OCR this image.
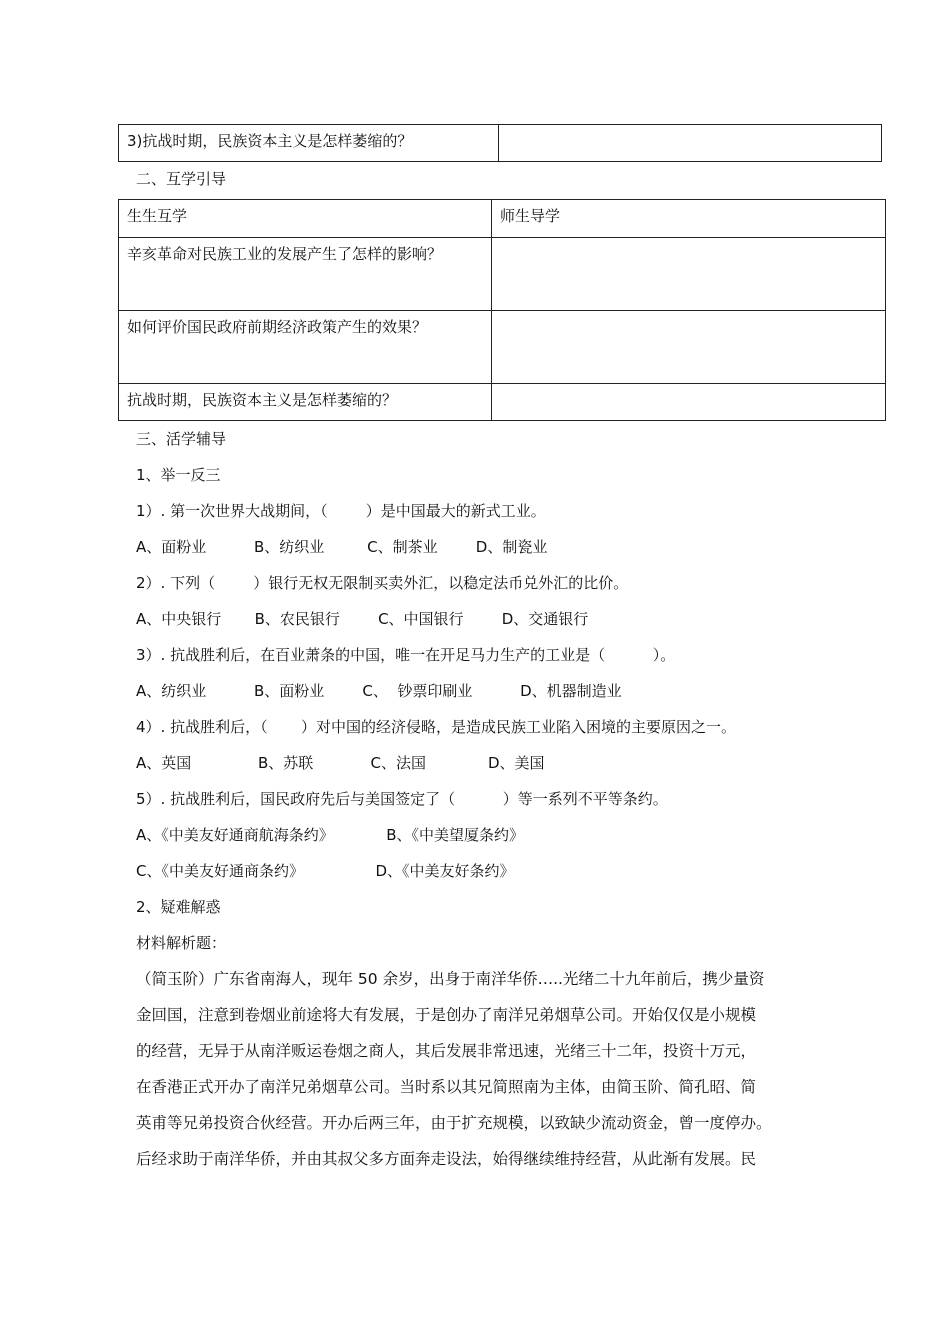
3)抗战时期，民族资本主义是怎样萎缩的？	
二、互学引导
生生互学	师生导学
辛亥革命对民族工业的发展产生了怎样的影响？	
如何评价国民政府前期经济政策产生的效果？	
抗战时期，民族资本主义是怎样萎缩的？	
三、活学辅导
1、举一反三
1）. 第一次世界大战期间，（        ）是中国最大的新式工业。
A、面粉业          B、纺织业         C、制茶业        D、制瓷业
2）. 下列（        ）银行无权无限制买卖外汇，以稳定法币兑外汇的比价。
A、中央银行       B、农民银行        C、中国银行        D、交通银行
3）. 抗战胜利后，在百业萧条的中国，唯一在开足马力生产的工业是（          ）。
A、纺织业          B、面粉业        C、  钞票印刷业          D、机器制造业
4）. 抗战胜利后，（       ）对中国的经济侵略，是造成民族工业陷入困境的主要原因之一。
A、英国              B、苏联            C、法国             D、美国
5）. 抗战胜利后，国民政府先后与美国签定了（          ）等一系列不平等条约。
A、《中美友好通商航海条约》           B、《中美望厦条约》
C、《中美友好通商条约》               D、《中美友好条约》
2、疑难解惑
材料解析题：
（简玉阶）广东省南海人，现年 50 余岁，出身于南洋华侨…..光绪二十九年前后，携少量资
金回国，注意到卷烟业前途将大有发展，于是创办了南洋兄弟烟草公司。开始仅仅是小规模
的经营，无异于从南洋贩运卷烟之商人，其后发展非常迅速，光绪三十二年，投资十万元，
在香港正式开办了南洋兄弟烟草公司。当时系以其兄简照南为主体，由简玉阶、简孔昭、简
英甫等兄弟投资合伙经营。开办后两三年，由于扩充规模，以致缺少流动资金，曾一度停办。
后经求助于南洋华侨，并由其叔父多方面奔走设法，始得继续维持经营，从此渐有发展。民
